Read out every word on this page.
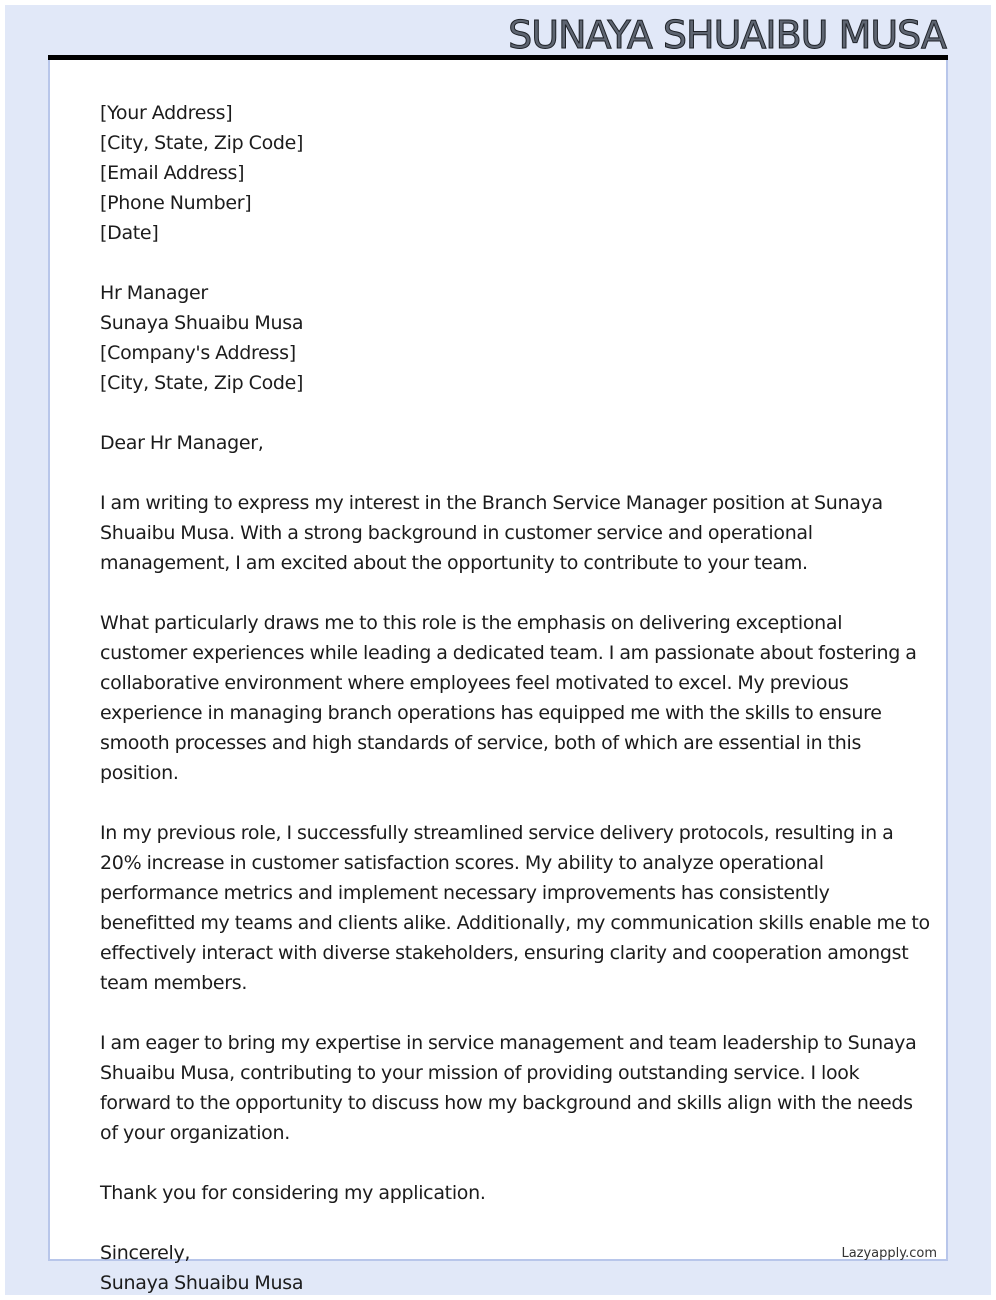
SUNAYA SHUAIBU MUSA
[Your Address]
[City, State, Zip Code]
[Email Address]
[Phone Number]
[Date]
Hr Manager
Sunaya Shuaibu Musa
[Company's Address]
[City, State, Zip Code]
Dear Hr Manager,
I am writing to express my interest in the Branch Service Manager position at Sunaya
Shuaibu Musa. With a strong background in customer service and operational
management, I am excited about the opportunity to contribute to your team.
What particularly draws me to this role is the emphasis on delivering exceptional
customer experiences while leading a dedicated team. I am passionate about fostering a
collaborative environment where employees feel motivated to excel. My previous
experience in managing branch operations has equipped me with the skills to ensure
smooth processes and high standards of service, both of which are essential in this
position.
In my previous role, I successfully streamlined service delivery protocols, resulting in a
20% increase in customer satisfaction scores. My ability to analyze operational
performance metrics and implement necessary improvements has consistently
benefitted my teams and clients alike. Additionally, my communication skills enable me to
effectively interact with diverse stakeholders, ensuring clarity and cooperation amongst
team members.
I am eager to bring my expertise in service management and team leadership to Sunaya
Shuaibu Musa, contributing to your mission of providing outstanding service. I look
forward to the opportunity to discuss how my background and skills align with the needs
of your organization.
Thank you for considering my application.
Sincerely,
Sunaya Shuaibu Musa
Lazyapply.com
